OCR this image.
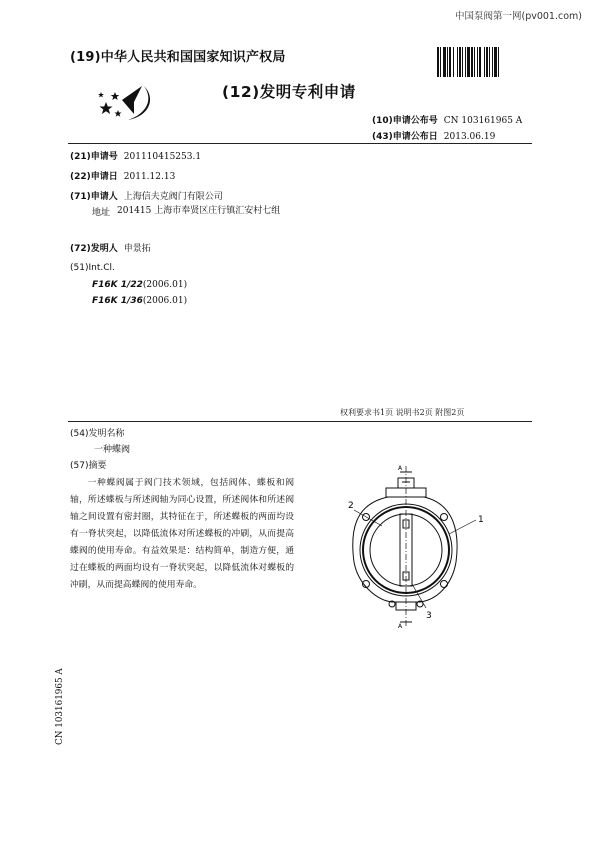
中国泵阀第一网(pv001.com)
(19)中华人民共和国国家知识产权局
(12)发明专利申请
(10)申请公布号 CN 103161965 A
(43)申请公布日 2013.06.19
(21)申请号 201110415253.1
(22)申请日 2011.12.13
(71)申请人 上海信夫克阀门有限公司
地址 201415 上海市奉贤区庄行镇汇安村七组
(72)发明人 申景拓
(51)Int.Cl.
F16K 1/22(2006.01)
F16K 1/36(2006.01)
权利要求书1页 说明书2页 附图2页
(54)发明名称
一种蝶阀
(57)摘要
一种蝶阀属于阀门技术领域，包括阀体、蝶板和阀轴，所述蝶板与所述阀轴为同心设置，所述阀体和所述阀轴之间设置有密封圈，其特征在于，所述蝶板的两面均设有一脊状突起，以降低流体对所述蝶板的冲刷，从而提高蝶阀的使用寿命。有益效果是：结构简单，制造方便，通过在蝶板的两面均设有一脊状突起，以降低流体对蝶板的冲刷，从而提高蝶阀的使用寿命。
A
A
2
1
3
CN 103161965 A
